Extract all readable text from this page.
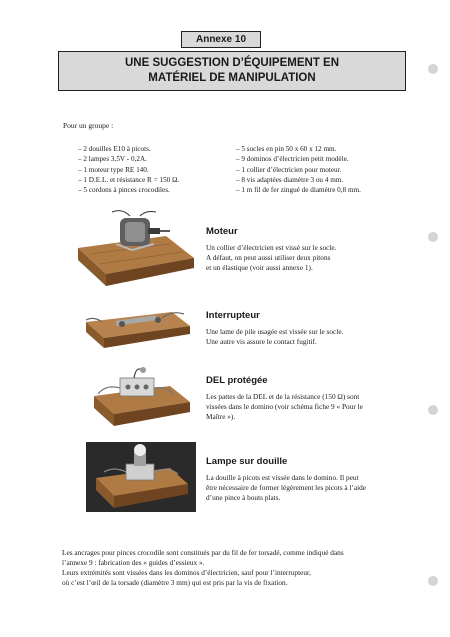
Annexe 10
UNE SUGGESTION D’ÉQUIPEMENT EN
MATÉRIEL DE MANIPULATION
Pour un groupe :
– 2 douilles E10 à picots.
– 2 lampes 3,5V - 0,2A.
– 1 moteur type RE 140.
– 1 D.E.L. et résistance R = 150 Ω.
– 5 cordons à pinces crocodiles.
– 5 socles en pin 50 x 60 x 12 mm.
– 9 dominos d’électricien petit modèle.
– 1 collier d’électricien pour moteur.
– 8 vis adaptées diamètre 3 ou 4 mm.
– 1 m fil de fer zingué de diamètre 0,8 mm.
Moteur

Un collier d’électricien est vissé sur le socle.

A défaut, on peut aussi utiliser deux pitons

et un élastique (voir aussi annexe 1).

Interrupteur

Une lame de pile usagée est vissée sur le socle.

Une autre vis assure le contact fugitif.

DEL protégée

Les pattes de la DEL et de la résistance (150 Ω) sont

vissées dans le domino (voir schéma fiche 9 « Pour le

Maître »).

Lampe sur douille

La douille à picots est vissée dans le domino. Il peut

être nécessaire de former légèrement les picots à l’aide

d’une pince à bouts plats.

Les ancrages pour pinces crocodile sont constitués par du fil de fer torsadé, comme indiqué dans

l’annexe 9 : fabrication des « guides d’essieux ».

Leurs extrémités sont vissées dans les dominos d’électricien, sauf pour l’interrupteur,

où c’est l’œil de la torsade (diamètre 3 mm) qui est pris par la vis de fixation.
